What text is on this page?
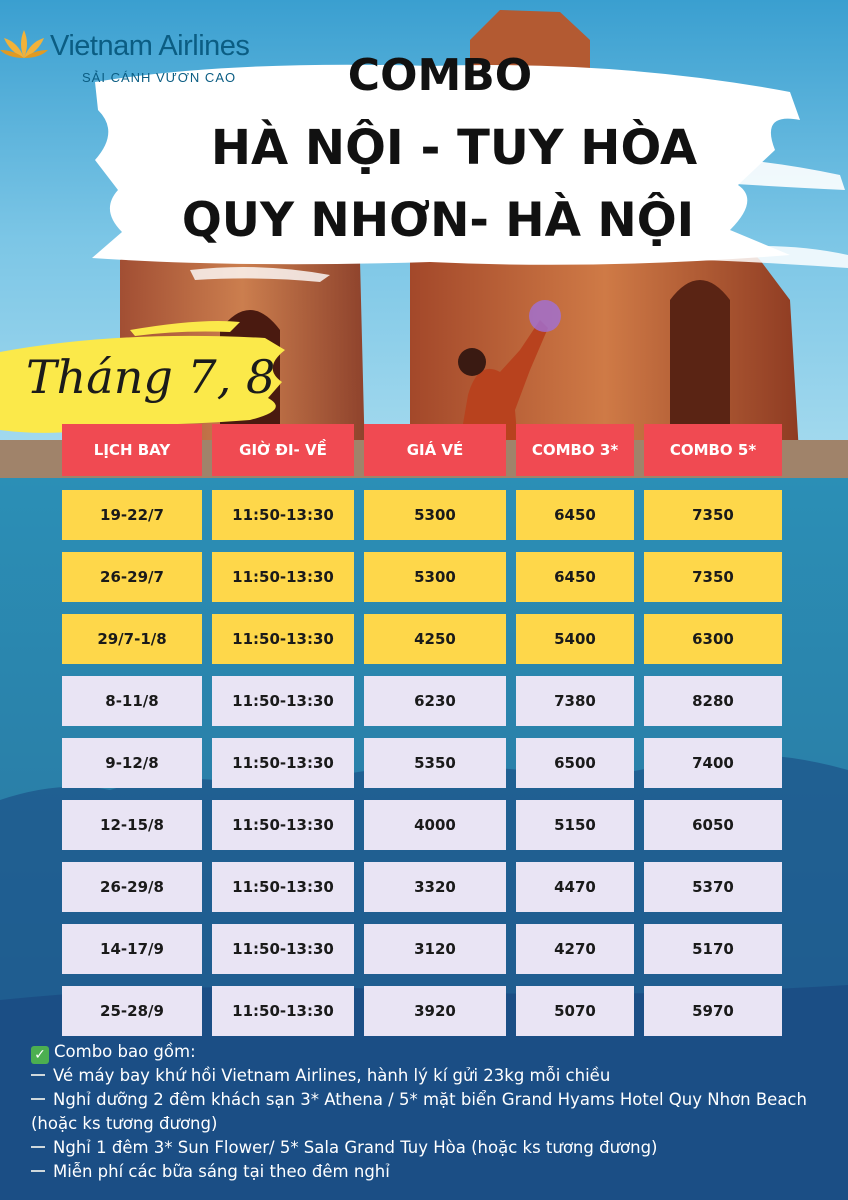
Vietnam Airlines
SẢI CÁNH VƯƠN CAO	COMBO
HÀ NỘI - TUY HÒA
QUY NHƠN- HÀ NỘI
Tháng 7, 8
LỊCH BAY	GIỜ ĐI- VỀ	GIÁ VÉ	COMBO 3*	COMBO 5*
19-22/7	11:50-13:30	5300	6450	7350
26-29/7	11:50-13:30	5300	6450	7350
29/7-1/8	11:50-13:30	4250	5400	6300
8-11/8	11:50-13:30	6230	7380	8280
9-12/8	11:50-13:30	5350	6500	7400
12-15/8	11:50-13:30	4000	5150	6050
26-29/8	11:50-13:30	3320	4470	5370
14-17/9	11:50-13:30	3120	4270	5170
25-28/9	11:50-13:30	3920	5070	5970
✓ Combo bao gồm:
Vé máy bay khứ hồi Vietnam Airlines, hành lý kí gửi 23kg mỗi chiều
Nghỉ dưỡng 2 đêm khách sạn 3* Athena / 5* mặt biển Grand Hyams Hotel Quy Nhơn Beach (hoặc ks tương đương)
Nghỉ 1 đêm 3* Sun Flower/ 5* Sala Grand Tuy Hòa (hoặc ks tương đương)
Miễn phí các bữa sáng tại theo đêm nghỉ
